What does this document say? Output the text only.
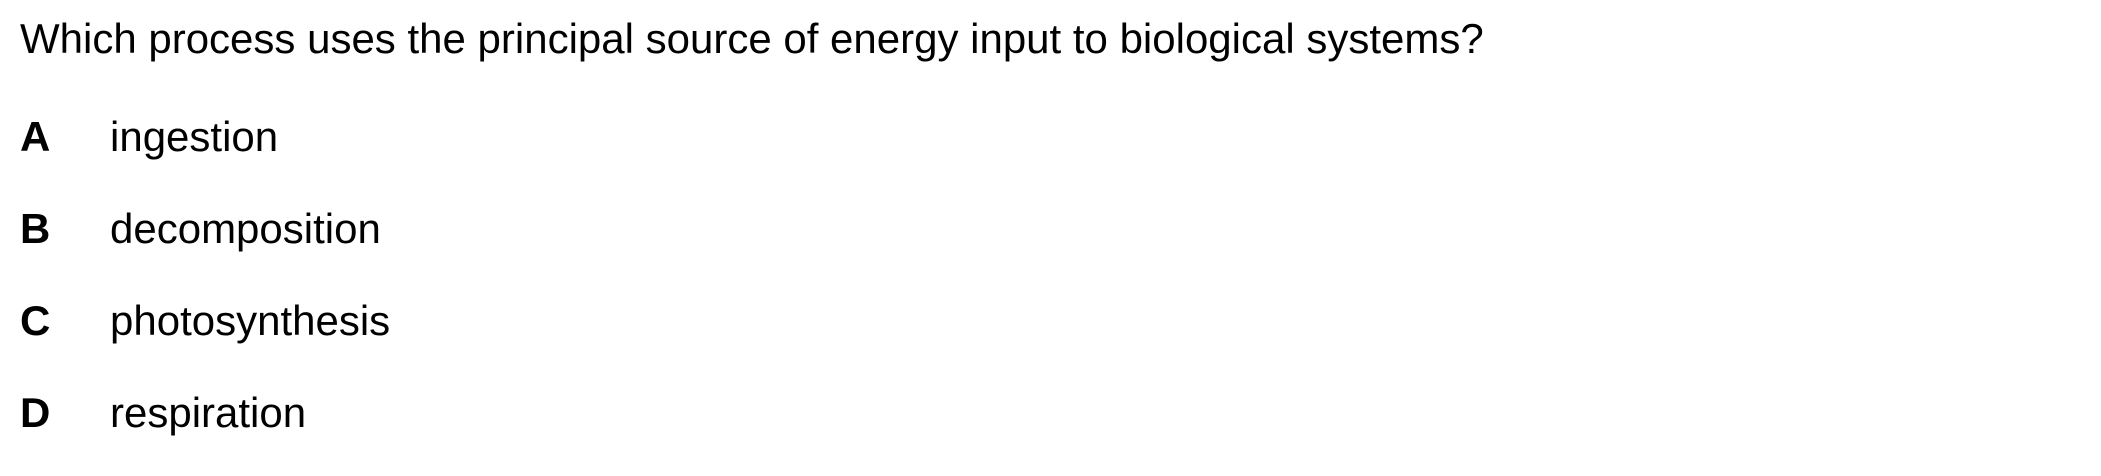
Which process uses the principal source of energy input to biological systems?
A	ingestion
B	decomposition
C	photosynthesis
D	respiration
